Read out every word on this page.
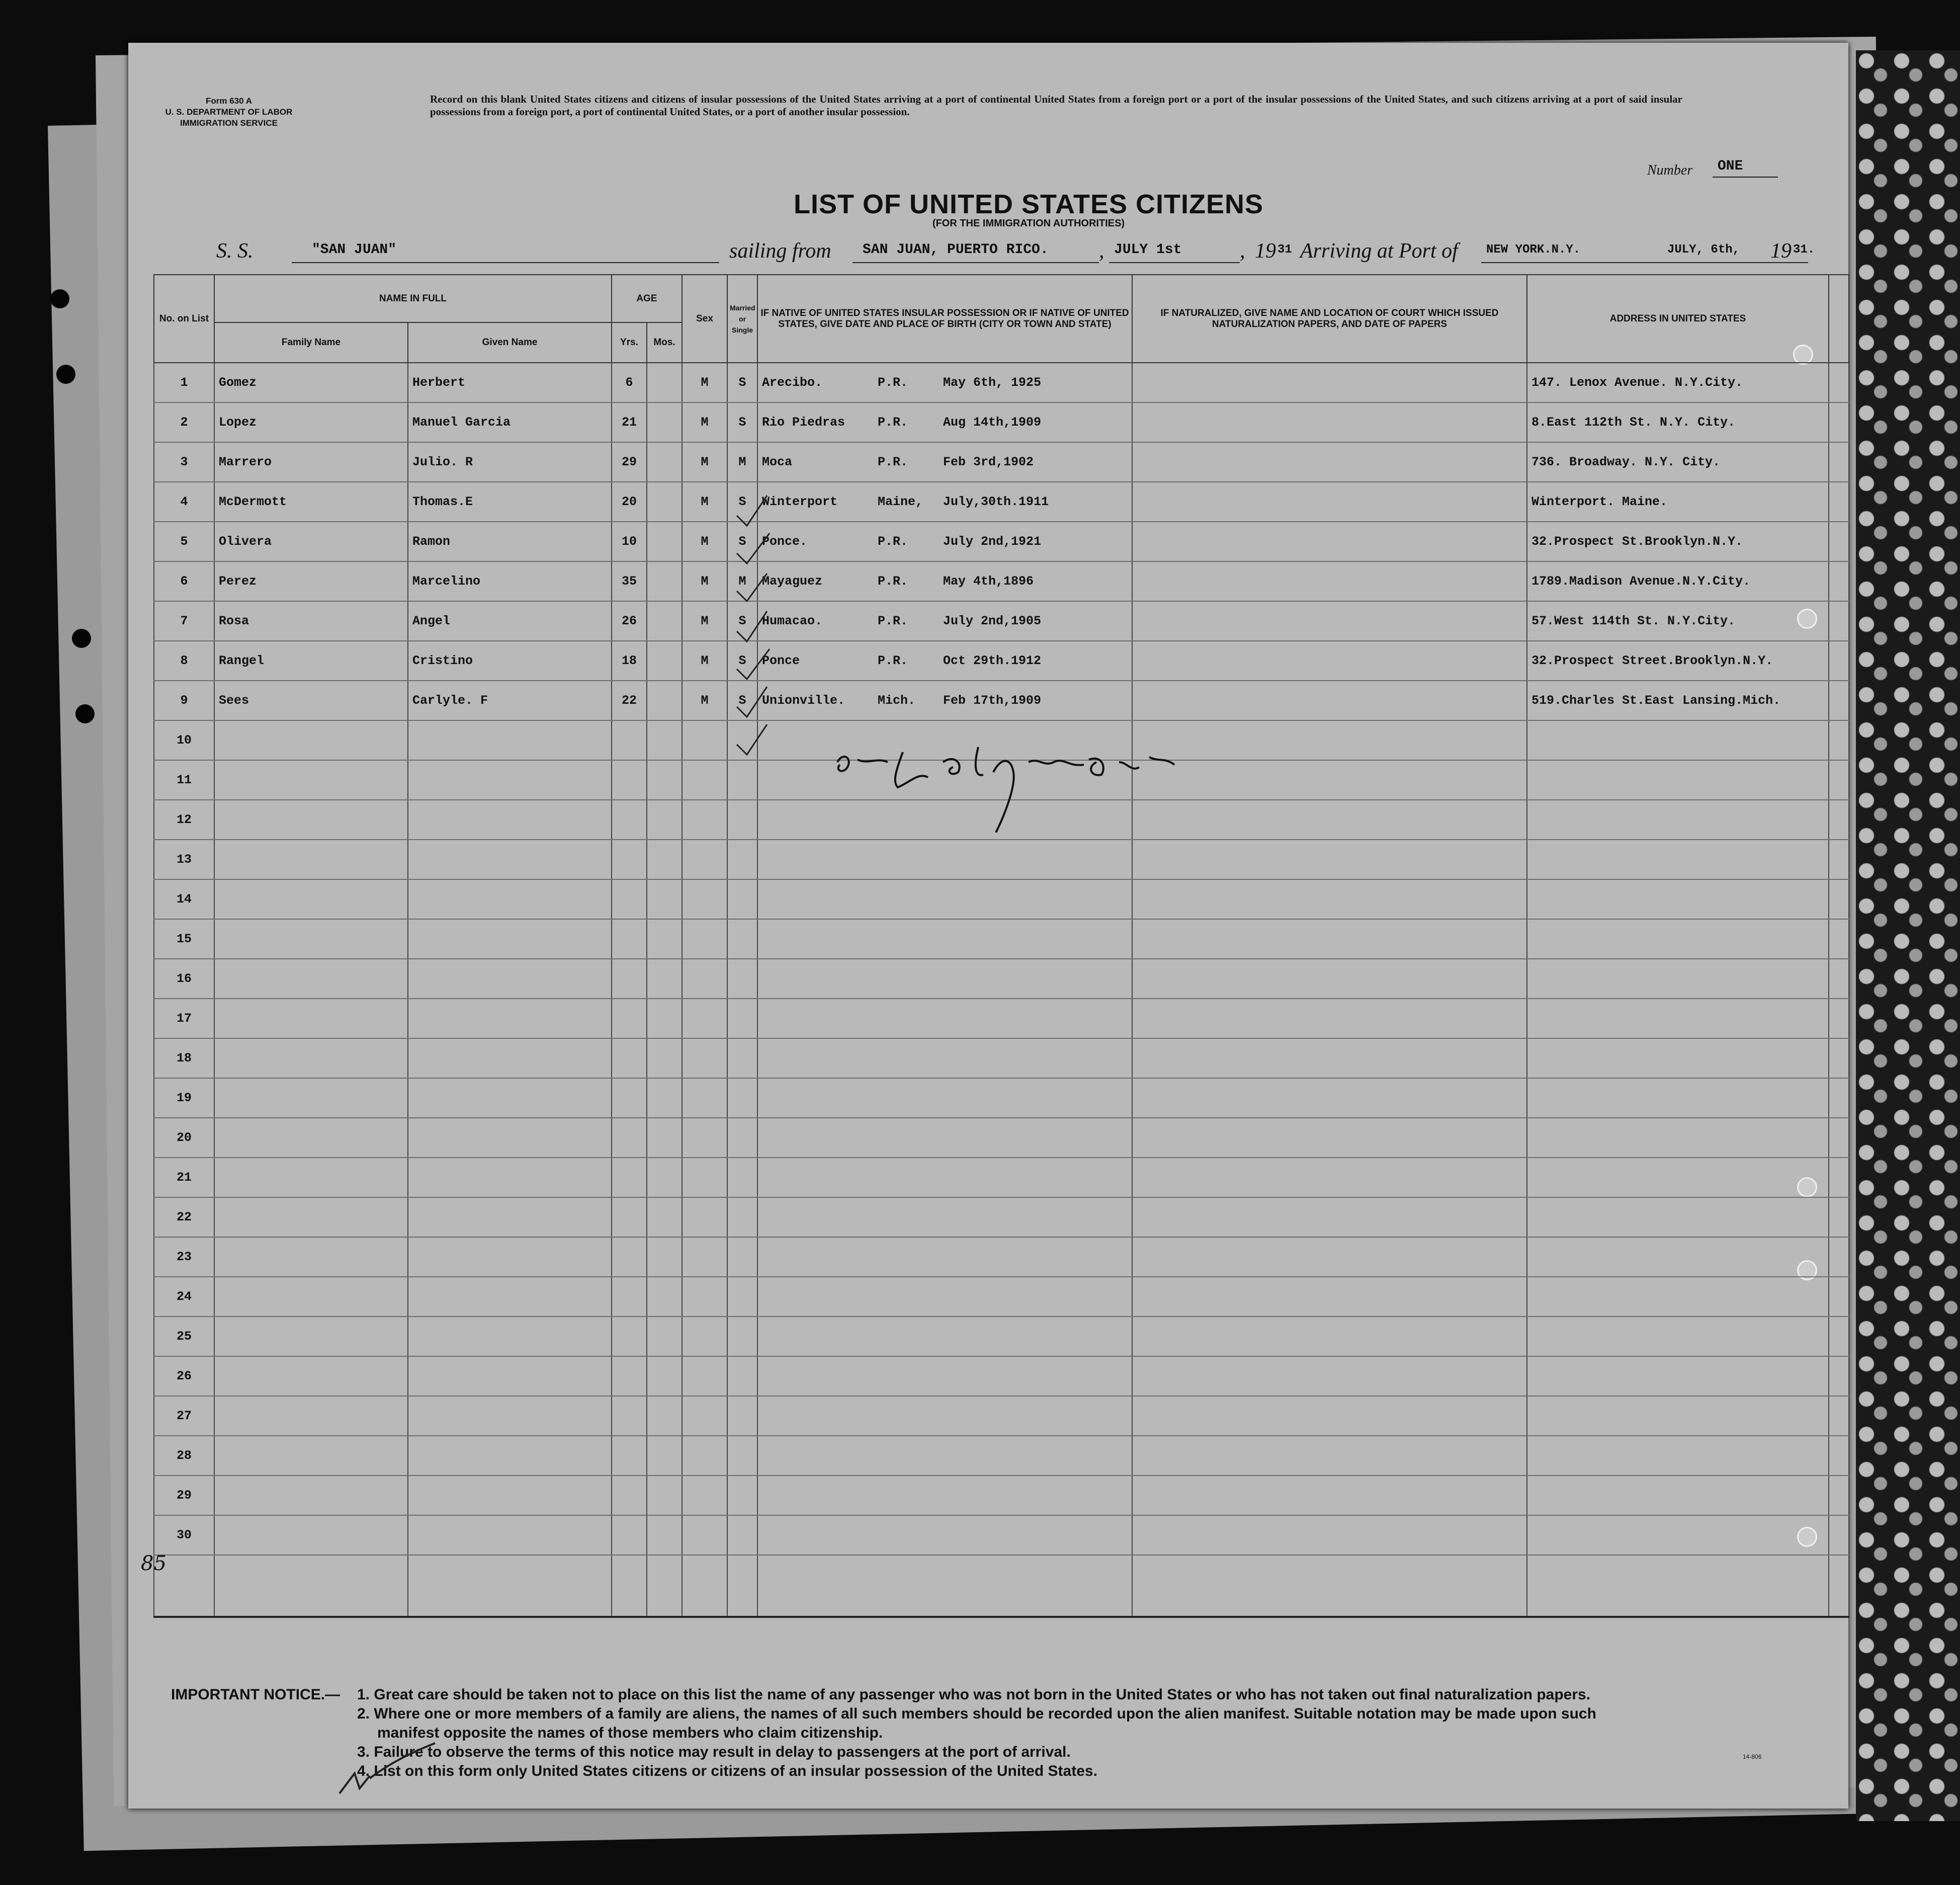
Form 630 A
U. S. DEPARTMENT OF LABOR
IMMIGRATION SERVICE
Record on this blank United States citizens and citizens of insular possessions of the United States arriving at a port of continental United States from a foreign port or a port of the insular possessions of the United States, and such citizens arriving at a port of said insular possessions from a foreign port, a port of continental United States, or a port of another insular possession.
Number ONE
LIST OF UNITED STATES CITIZENS
(FOR THE IMMIGRATION AUTHORITIES)
S. S.	"SAN JUAN"	sailing from SAN JUAN, PUERTO RICO. , JULY 1st	, 19 31 Arriving at Port of NEW YORK.N.Y.	JULY, 6th, 19 31.
No. on List	NAME IN FULL		AGE		Sex	Married or Single	IF NATIVE OF UNITED STATES INSULAR POSSESSION OR IF NATIVE OF UNITED STATES, GIVE DATE AND PLACE OF BIRTH (CITY OR TOWN AND STATE)	IF NATURALIZED, GIVE NAME AND LOCATION OF COURT WHICH ISSUED NATURALIZATION PAPERS, AND DATE OF PAPERS	ADDRESS IN UNITED STATES	
	Family Name	Given Name	Yrs.	Mos.						
1	Gomez	Herbert	6		M	S	Arecibo. P.R. May 6th, 1925		147. Lenox Avenue. N.Y.City.	
2	Lopez	Manuel Garcia	21		M	S	Rio Piedras P.R. Aug 14th,1909		8.East 112th St. N.Y. City.	
3	Marrero	Julio. R	29		M	M	Moca P.R. Feb 3rd,1902		736. Broadway. N.Y. City.	
4	McDermott	Thomas.E	20		M	S	Winterport Maine, July,30th.1911		Winterport. Maine.	
5	Olivera	Ramon	10		M	S	Ponce. P.R. July 2nd,1921		32.Prospect St.Brooklyn.N.Y.	
6	Perez	Marcelino	35		M	M	Mayaguez P.R. May 4th,1896		1789.Madison Avenue.N.Y.City.	
7	Rosa	Angel	26		M	S	Humacao. P.R. July 2nd,1905		57.West 114th St. N.Y.City.	
8	Rangel	Cristino	18		M	S	Ponce P.R. Oct 29th.1912		32.Prospect Street.Brooklyn.N.Y.	
9	Sees	Carlyle. F	22		M	S	Unionville. Mich. Feb 17th,1909		519.Charles St.East Lansing.Mich.	
10										
11										
12										
13										
14										
15										
16										
17										
18										
19										
20										
21										
22										
23										
24										
25										
26										
27										
28										
29										
30										

85
IMPORTANT NOTICE.— 1. Great care should be taken not to place on this list the name of any passenger who was not born in the United States or who has not taken out final naturalization papers.

2. Where one or more members of a family are aliens, the names of all such members should be recorded upon the alien manifest. Suitable notation may be made upon such

manifest opposite the names of those members who claim citizenship.

3. Failure to observe the terms of this notice may result in delay to passengers at the port of arrival.

4. List on this form only United States citizens or citizens of an insular possession of the United States.

14-806
